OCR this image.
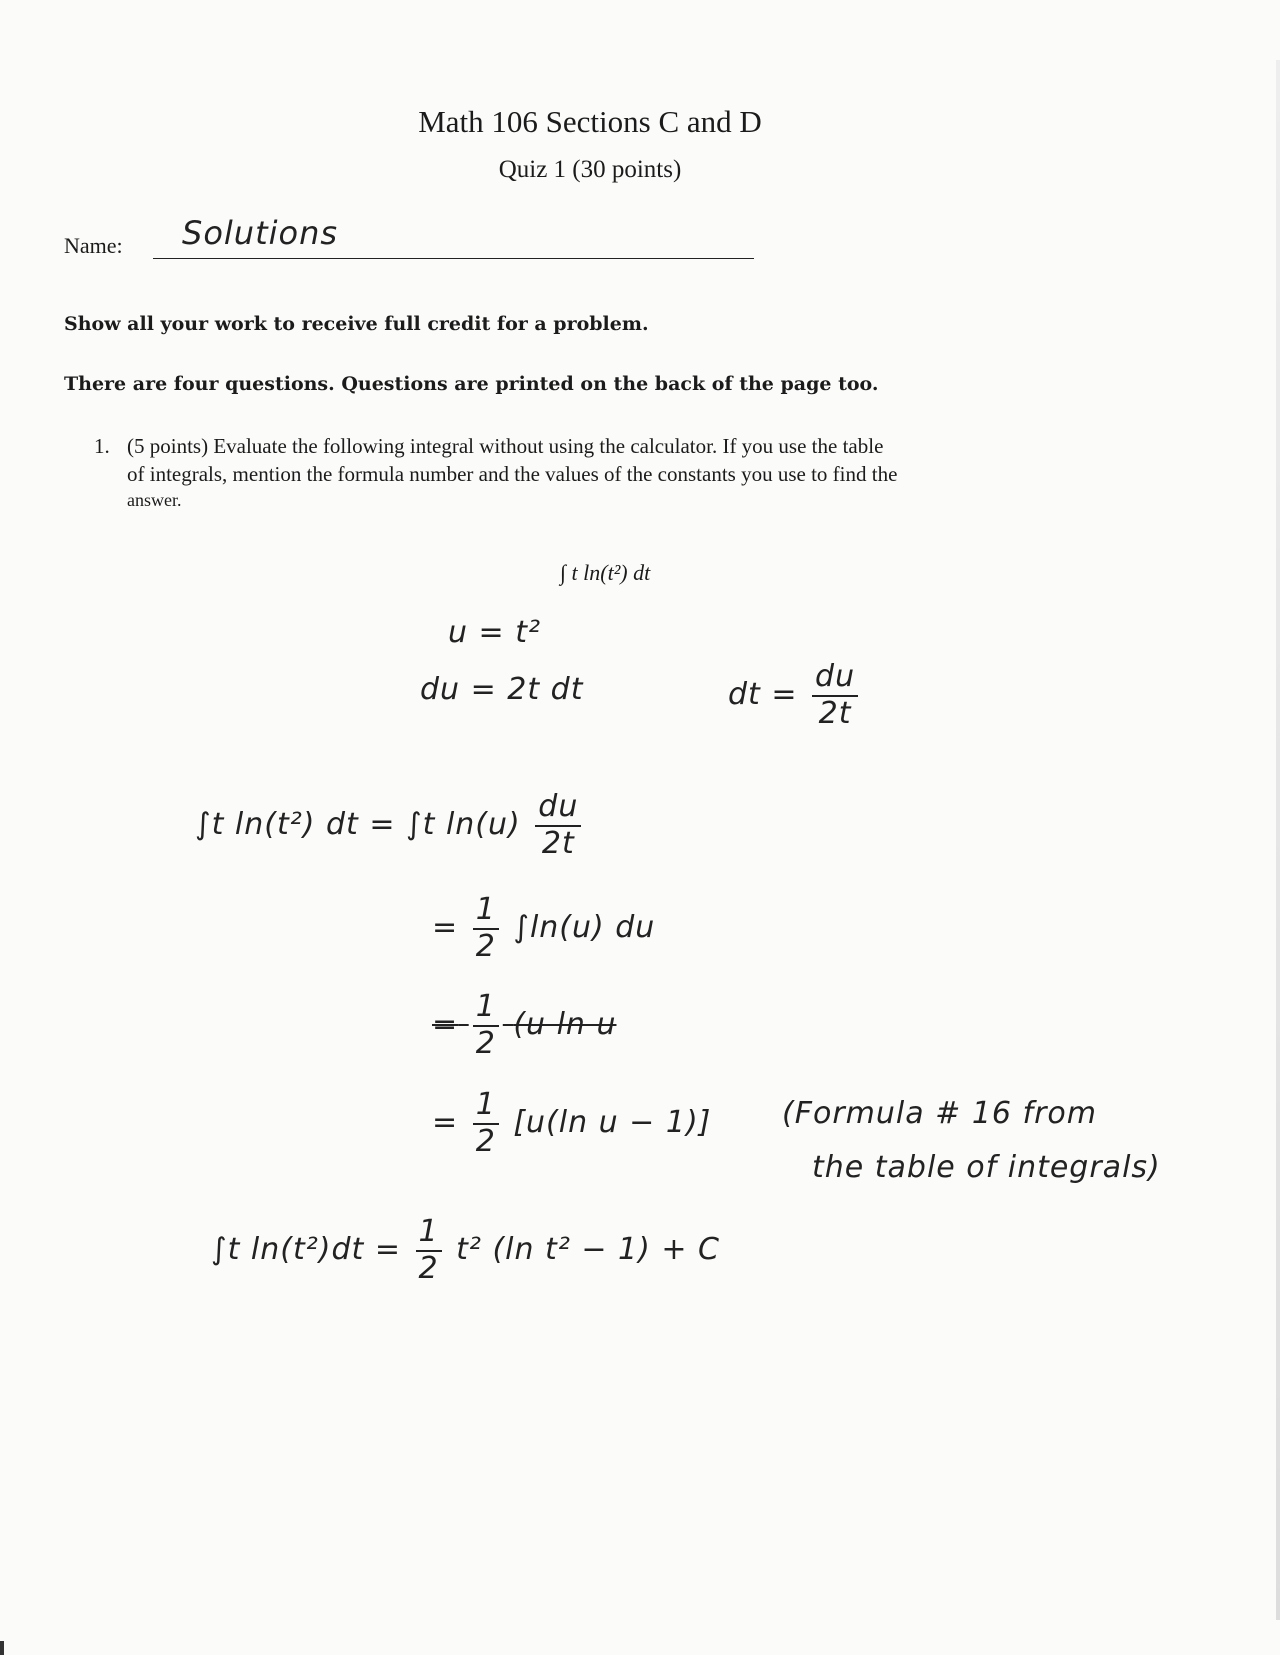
Math 106 Sections C and D
Quiz 1 (30 points)
Name: Solutions
Show all your work to receive full credit for a problem.
There are four questions. Questions are printed on the back of the page too.
1. (5 points) Evaluate the following integral without using the calculator. If you use the table
of integrals, mention the formula number and the values of the constants you use to find the
answer.
∫ t ln(t²) dt
u = t²
du = 2t dt	dt = $\frac{du}{2t}$
∫t ln(t²) dt = ∫t $\ln(u) \frac{du}{2t}$
= $\frac{1}{2} \int\ln(u)$ du
= $\frac{1}{2} (u$ ln u
= $\frac{1}{2} [u(\ln$ u − 1)] (Formula # 16 from
the table of integrals)
∫t $\ln(t^2)dt = \frac{1}{2} t^2$ (ln t² − 1) + C
